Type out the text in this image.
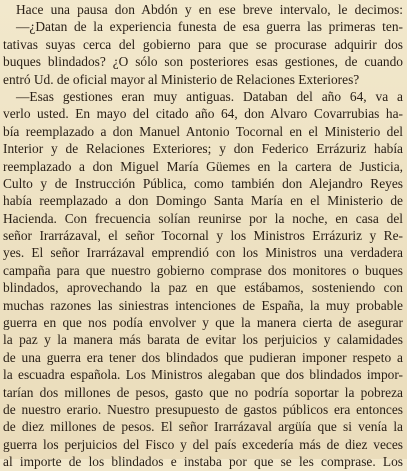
Hace una pausa don Abdón y en ese breve intervalo, le decimos:
—¿Datan de la experiencia funesta de esa guerra las primeras ten-
tativas suyas cerca del gobierno para que se procurase adquirir dos
buques blindados? ¿O sólo son posteriores esas gestiones, de cuando
entró Ud. de oficial mayor al Ministerio de Relaciones Exteriores?
—Esas gestiones eran muy antiguas. Databan del año 64, va a
verlo usted. En mayo del citado año 64, don Alvaro Covarrubias ha-
bía reemplazado a don Manuel Antonio Tocornal en el Ministerio del
Interior y de Relaciones Exteriores; y don Federico Errázuriz había
reemplazado a don Miguel María Güemes en la cartera de Justicia,
Culto y de Instrucción Pública, como también don Alejandro Reyes
había reemplazado a don Domingo Santa María en el Ministerio de
Hacienda. Con frecuencia solían reunirse por la noche, en casa del
señor Irarrázaval, el señor Tocornal y los Ministros Errázuriz y Re-
yes. El señor Irarrázaval emprendió con los Ministros una verdadera
campaña para que nuestro gobierno comprase dos monitores o buques
blindados, aprovechando la paz en que estábamos, sosteniendo con
muchas razones las siniestras intenciones de España, la muy probable
guerra en que nos podía envolver y que la manera cierta de asegurar
la paz y la manera más barata de evitar los perjuicios y calamidades
de una guerra era tener dos blindados que pudieran imponer respeto a
la escuadra española. Los Ministros alegaban que dos blindados impor-
tarían dos millones de pesos, gasto que no podría soportar la pobreza
de nuestro erario. Nuestro presupuesto de gastos públicos era entonces
de diez millones de pesos. El señor Irarrázaval argüía que si venía la
guerra los perjuicios del Fisco y del país excedería más de diez veces
al importe de los blindados e instaba por que se les comprase. Los
